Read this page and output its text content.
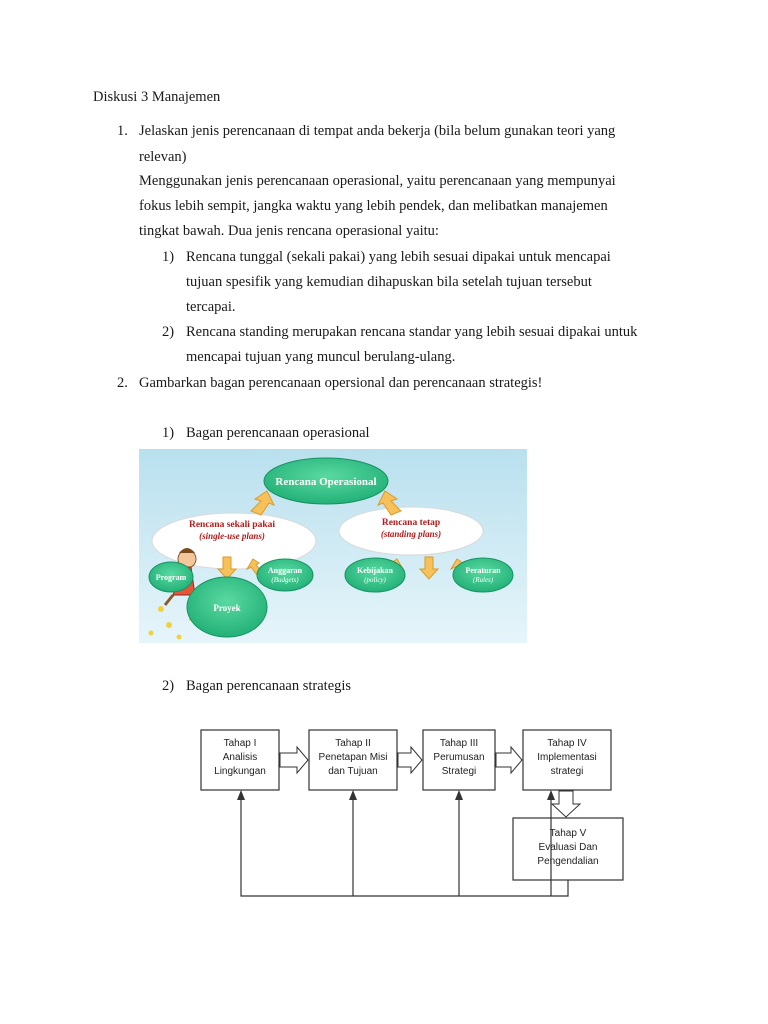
Diskusi 3 Manajemen
1. Jelaskan jenis perencanaan di tempat anda bekerja (bila belum gunakan teori yang
relevan)
Menggunakan jenis perencanaan operasional, yaitu perencanaan yang mempunyai
fokus lebih sempit, jangka waktu yang lebih pendek, dan melibatkan manajemen
tingkat bawah. Dua jenis rencana operasional yaitu:
1) Rencana tunggal (sekali pakai) yang lebih sesuai dipakai untuk mencapai
tujuan spesifik yang kemudian dihapuskan bila setelah tujuan tersebut
tercapai.
2) Rencana standing merupakan rencana standar yang lebih sesuai dipakai untuk
mencapai tujuan yang muncul berulang-ulang.
2. Gambarkan bagan perencanaan opersional dan perencanaan strategis!
1) Bagan perencanaan operasional
Rencana Operasional
Rencana sekali pakai
(single-use plans)
Rencana tetap
(standing plans)
Program
Anggaran
(Budgets)
Proyek
Kebijakan
(policy)
Peraturan
(Rules)
2) Bagan perencanaan strategis
Tahap I
Analisis
Lingkungan
Tahap II
Penetapan Misi
dan Tujuan
Tahap III
Perumusan
Strategi
Tahap IV
Implementasi
strategi
Tahap V
Evaluasi Dan
Pengendalian
